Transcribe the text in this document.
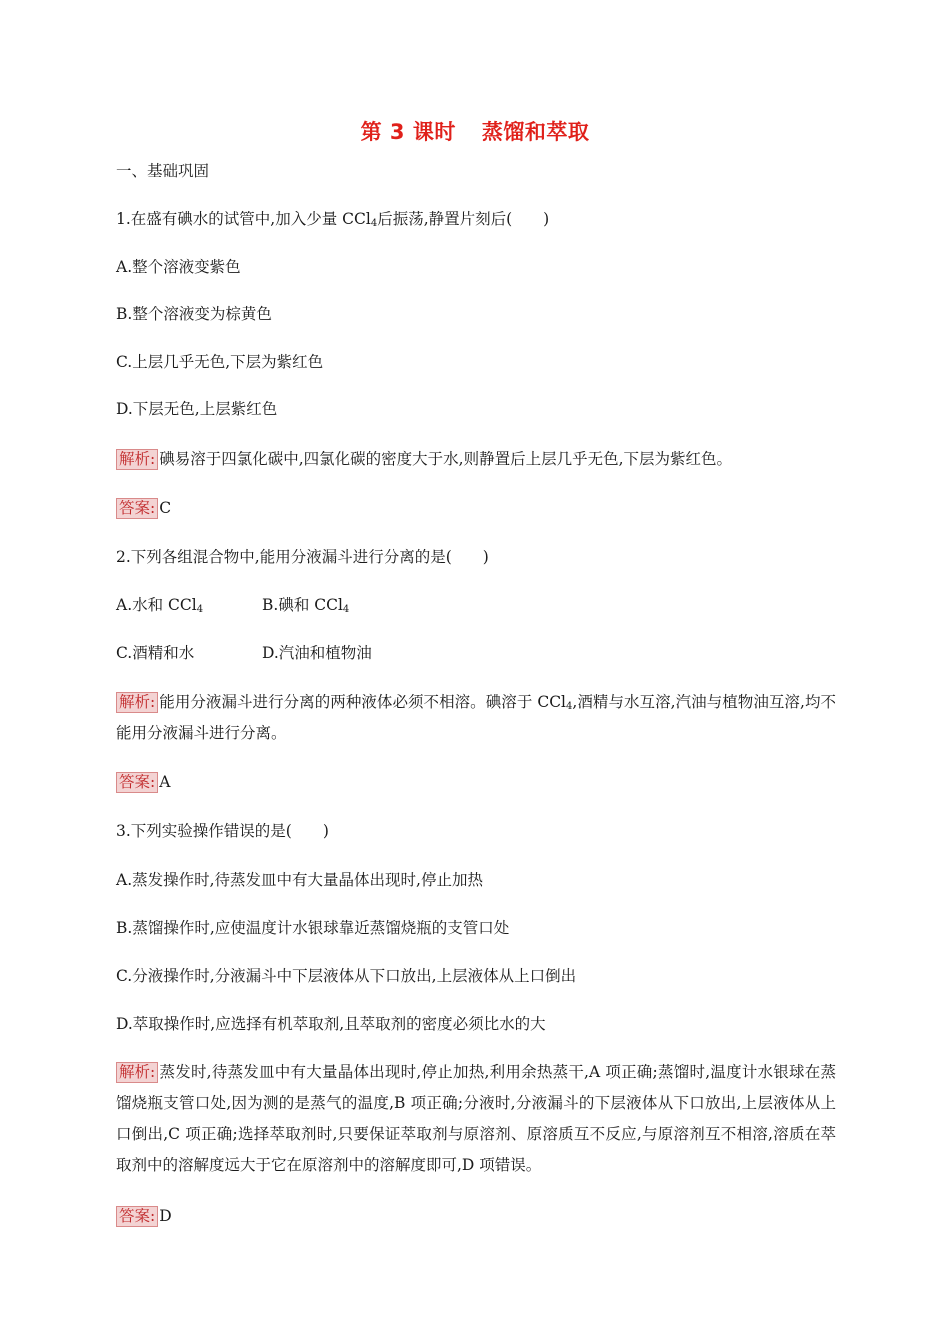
第 3 课时 蒸馏和萃取
一、基础巩固
1.在盛有碘水的试管中,加入少量 CCl$_4$后振荡,静置片刻后(　　)
A.整个溶液变紫色
B.整个溶液变为棕黄色
C.上层几乎无色,下层为紫红色
D.下层无色,上层紫红色
解析: 碘易溶于四氯化碳中,四氯化碳的密度大于水,则静置后上层几乎无色,下层为紫红色。
答案: C
2.下列各组混合物中,能用分液漏斗进行分离的是(　　)
A.水和 CCl$_4$	B.碘和 CCl$_4$
C.酒精和水	D.汽油和植物油
解析: 能用分液漏斗进行分离的两种液体必须不相溶。碘溶于 CCl$_4$,酒精与水互溶,汽油与植物油互溶,均不能用分液漏斗进行分离。
答案: A
3.下列实验操作错误的是(　　)
A.蒸发操作时,待蒸发皿中有大量晶体出现时,停止加热
B.蒸馏操作时,应使温度计水银球靠近蒸馏烧瓶的支管口处
C.分液操作时,分液漏斗中下层液体从下口放出,上层液体从上口倒出
D.萃取操作时,应选择有机萃取剂,且萃取剂的密度必须比水的大
解析: 蒸发时,待蒸发皿中有大量晶体出现时,停止加热,利用余热蒸干,A 项正确;蒸馏时,温度计水银球在蒸馏烧瓶支管口处,因为测的是蒸气的温度,B 项正确;分液时,分液漏斗的下层液体从下口放出,上层液体从上口倒出,C 项正确;选择萃取剂时,只要保证萃取剂与原溶剂、原溶质互不反应,与原溶剂互不相溶,溶质在萃取剂中的溶解度远大于它在原溶剂中的溶解度即可,D 项错误。
答案: D
